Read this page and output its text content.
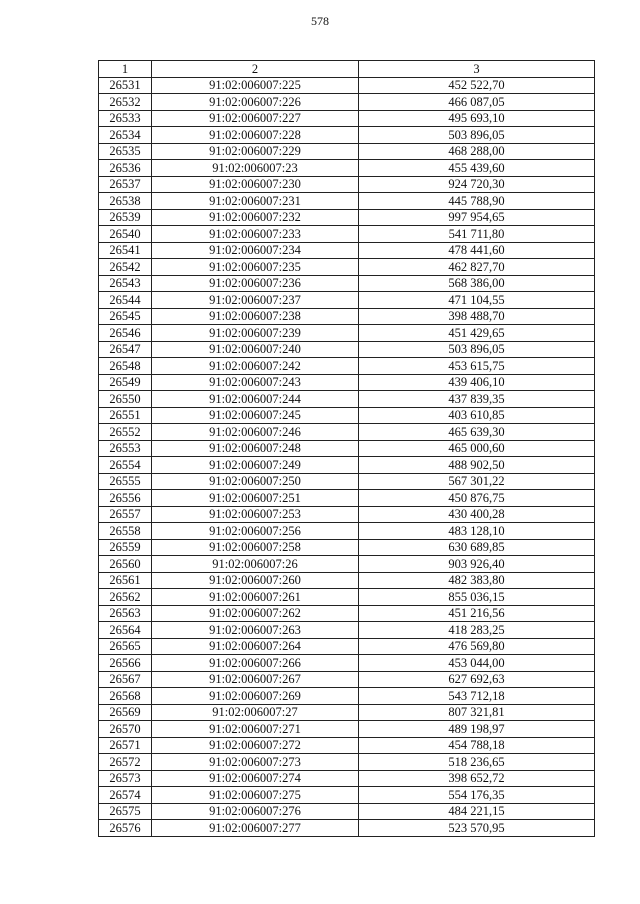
578
1	2	3
26531	91:02:006007:225	452 522,70
26532	91:02:006007:226	466 087,05
26533	91:02:006007:227	495 693,10
26534	91:02:006007:228	503 896,05
26535	91:02:006007:229	468 288,00
26536	91:02:006007:23	455 439,60
26537	91:02:006007:230	924 720,30
26538	91:02:006007:231	445 788,90
26539	91:02:006007:232	997 954,65
26540	91:02:006007:233	541 711,80
26541	91:02:006007:234	478 441,60
26542	91:02:006007:235	462 827,70
26543	91:02:006007:236	568 386,00
26544	91:02:006007:237	471 104,55
26545	91:02:006007:238	398 488,70
26546	91:02:006007:239	451 429,65
26547	91:02:006007:240	503 896,05
26548	91:02:006007:242	453 615,75
26549	91:02:006007:243	439 406,10
26550	91:02:006007:244	437 839,35
26551	91:02:006007:245	403 610,85
26552	91:02:006007:246	465 639,30
26553	91:02:006007:248	465 000,60
26554	91:02:006007:249	488 902,50
26555	91:02:006007:250	567 301,22
26556	91:02:006007:251	450 876,75
26557	91:02:006007:253	430 400,28
26558	91:02:006007:256	483 128,10
26559	91:02:006007:258	630 689,85
26560	91:02:006007:26	903 926,40
26561	91:02:006007:260	482 383,80
26562	91:02:006007:261	855 036,15
26563	91:02:006007:262	451 216,56
26564	91:02:006007:263	418 283,25
26565	91:02:006007:264	476 569,80
26566	91:02:006007:266	453 044,00
26567	91:02:006007:267	627 692,63
26568	91:02:006007:269	543 712,18
26569	91:02:006007:27	807 321,81
26570	91:02:006007:271	489 198,97
26571	91:02:006007:272	454 788,18
26572	91:02:006007:273	518 236,65
26573	91:02:006007:274	398 652,72
26574	91:02:006007:275	554 176,35
26575	91:02:006007:276	484 221,15
26576	91:02:006007:277	523 570,95
